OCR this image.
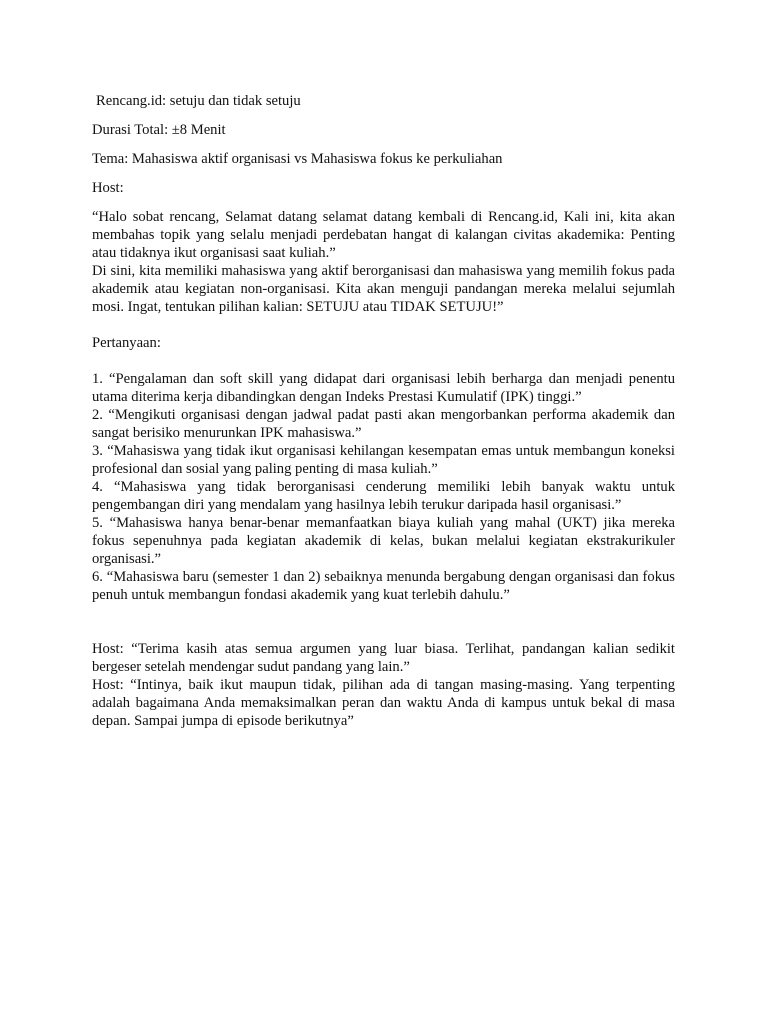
Rencang.id: setuju dan tidak setuju

Durasi Total: ±8 Menit

Tema: Mahasiswa aktif organisasi vs Mahasiswa fokus ke perkuliahan

Host:

“Halo sobat rencang, Selamat datang selamat datang kembali di Rencang.id, Kali ini, kita akan membahas topik yang selalu menjadi perdebatan hangat di kalangan civitas akademika: Penting atau tidaknya ikut organisasi saat kuliah.”

Di sini, kita memiliki mahasiswa yang aktif berorganisasi dan mahasiswa yang memilih fokus pada akademik atau kegiatan non-organisasi. Kita akan menguji pandangan mereka melalui sejumlah mosi. Ingat, tentukan pilihan kalian: SETUJU atau TIDAK SETUJU!”

Pertanyaan:

1. “Pengalaman dan soft skill yang didapat dari organisasi lebih berharga dan menjadi penentu utama diterima kerja dibandingkan dengan Indeks Prestasi Kumulatif (IPK) tinggi.”
2. “Mengikuti organisasi dengan jadwal padat pasti akan mengorbankan performa akademik dan sangat berisiko menurunkan IPK mahasiswa.”
3. “Mahasiswa yang tidak ikut organisasi kehilangan kesempatan emas untuk membangun koneksi profesional dan sosial yang paling penting di masa kuliah.”
4. “Mahasiswa yang tidak berorganisasi cenderung memiliki lebih banyak waktu untuk pengembangan diri yang mendalam yang hasilnya lebih terukur daripada hasil organisasi.”
5. “Mahasiswa hanya benar-benar memanfaatkan biaya kuliah yang mahal (UKT) jika mereka fokus sepenuhnya pada kegiatan akademik di kelas, bukan melalui kegiatan ekstrakurikuler organisasi.”
6. “Mahasiswa baru (semester 1 dan 2) sebaiknya menunda bergabung dengan organisasi dan fokus penuh untuk membangun fondasi akademik yang kuat terlebih dahulu.”

Host: “Terima kasih atas semua argumen yang luar biasa. Terlihat, pandangan kalian sedikit bergeser setelah mendengar sudut pandang yang lain.”

Host: “Intinya, baik ikut maupun tidak, pilihan ada di tangan masing-masing. Yang terpenting adalah bagaimana Anda memaksimalkan peran dan waktu Anda di kampus untuk bekal di masa depan. Sampai jumpa di episode berikutnya”
